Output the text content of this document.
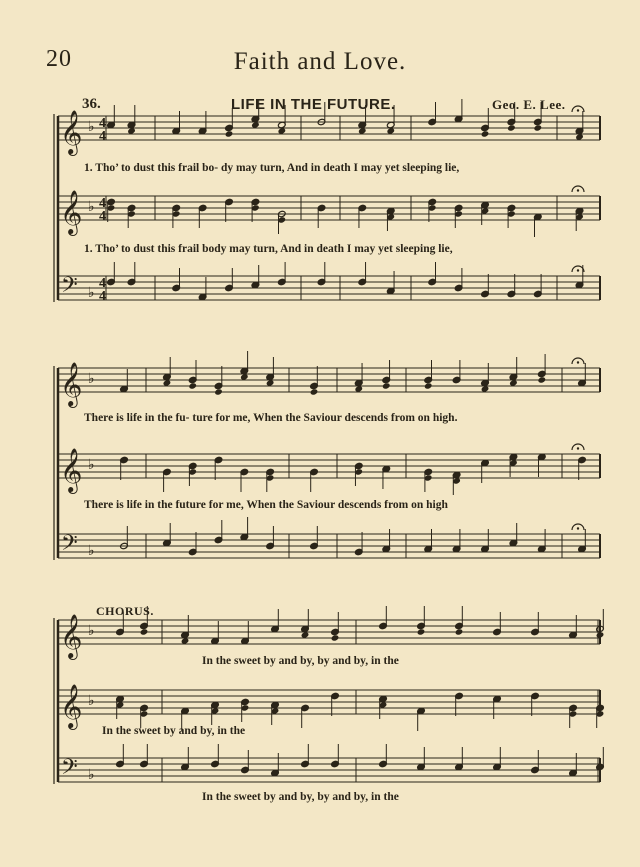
20	Faith and Love.
36.	LIFE IN THE FUTURE.	Geo. E. Lee.
CHORUS.
1. Tho’ to dust this frail bo- dy may turn, And in death I may yet sleeping lie,
1. Tho’ to dust this frail body may turn, And in death I may yet sleeping lie,
There is life in the fu- ture for me, When the Saviour descends from on high.
There is life in the future for me, When the Saviour descends from on high
In the sweet by and by, by and by, in the
In the sweet by and by, in the
In the sweet by and by, by and by, in the
𝄞 ♭ 4
4
𝄞 ♭ 4
4
𝄢 ♭
4
4
𝄞 ♭
𝄞 ♭
𝄢 ♭
𝄞 ♭
𝄞 ♭
𝄢 ♭
